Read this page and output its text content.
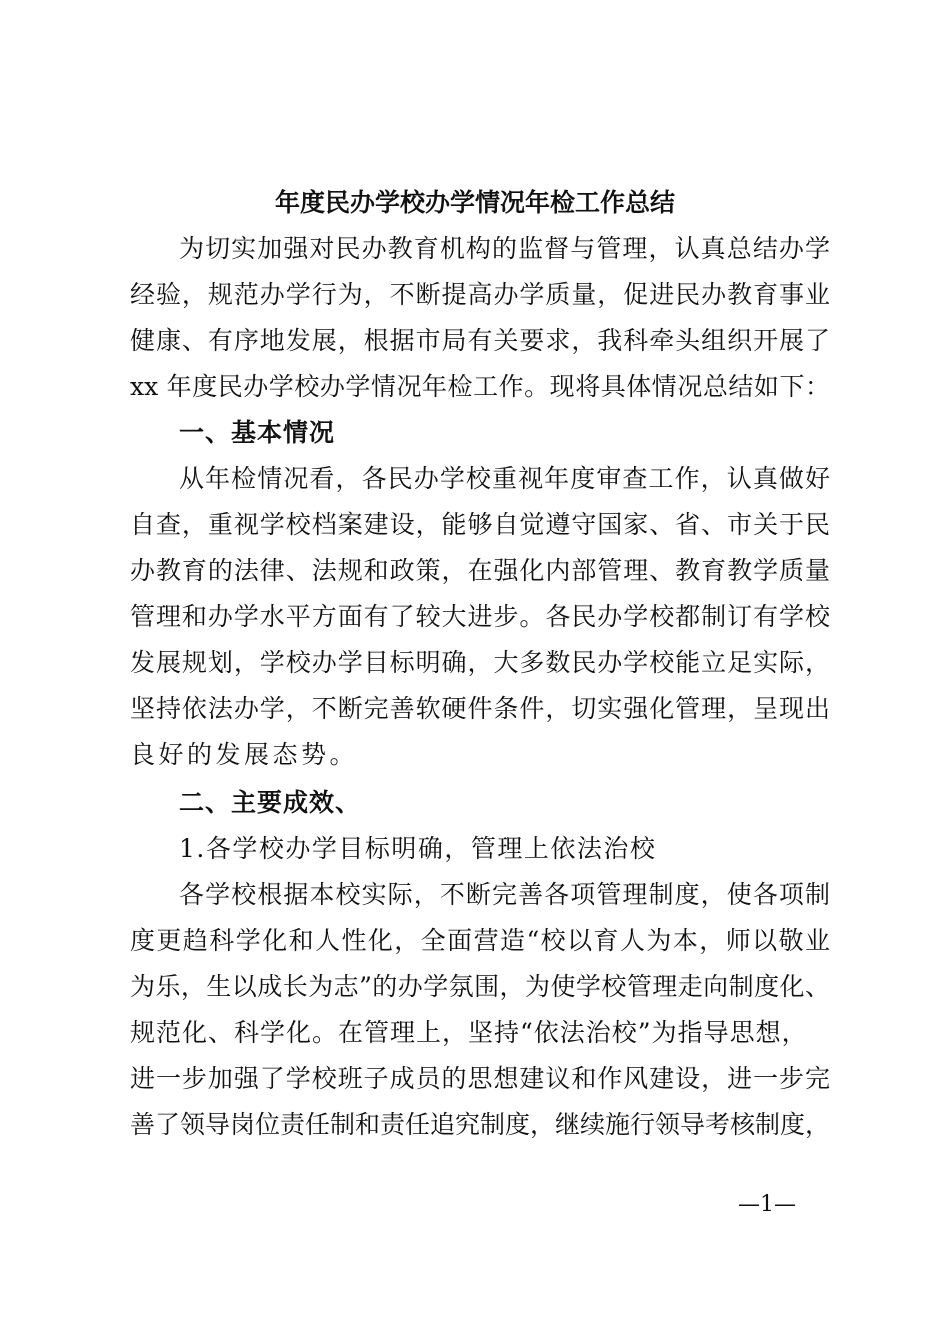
年度民办学校办学情况年检工作总结
为切实加强对民办教育机构的监督与管理，认真总结办学
经验，规范办学行为，不断提高办学质量，促进民办教育事业
健康、有序地发展，根据市局有关要求，我科牵头组织开展了
xx 年度民办学校办学情况年检工作。现将具体情况总结如下：
一、基本情况
从年检情况看，各民办学校重视年度审查工作，认真做好
自查，重视学校档案建设，能够自觉遵守国家、省、市关于民
办教育的法律、法规和政策，在强化内部管理、教育教学质量
管理和办学水平方面有了较大进步。各民办学校都制订有学校
发展规划，学校办学目标明确，大多数民办学校能立足实际，
坚持依法办学，不断完善软硬件条件，切实强化管理，呈现出
良好的发展态势。
二、主要成效、
1.各学校办学目标明确，管理上依法治校
各学校根据本校实际，不断完善各项管理制度，使各项制
度更趋科学化和人性化，全面营造“校以育人为本，师以敬业
为乐，生以成长为志”的办学氛围，为使学校管理走向制度化、
规范化、科学化。在管理上，坚持“依法治校”为指导思想，
进一步加强了学校班子成员的思想建议和作风建设，进一步完
善了领导岗位责任制和责任追究制度，继续施行领导考核制度，
—1—
